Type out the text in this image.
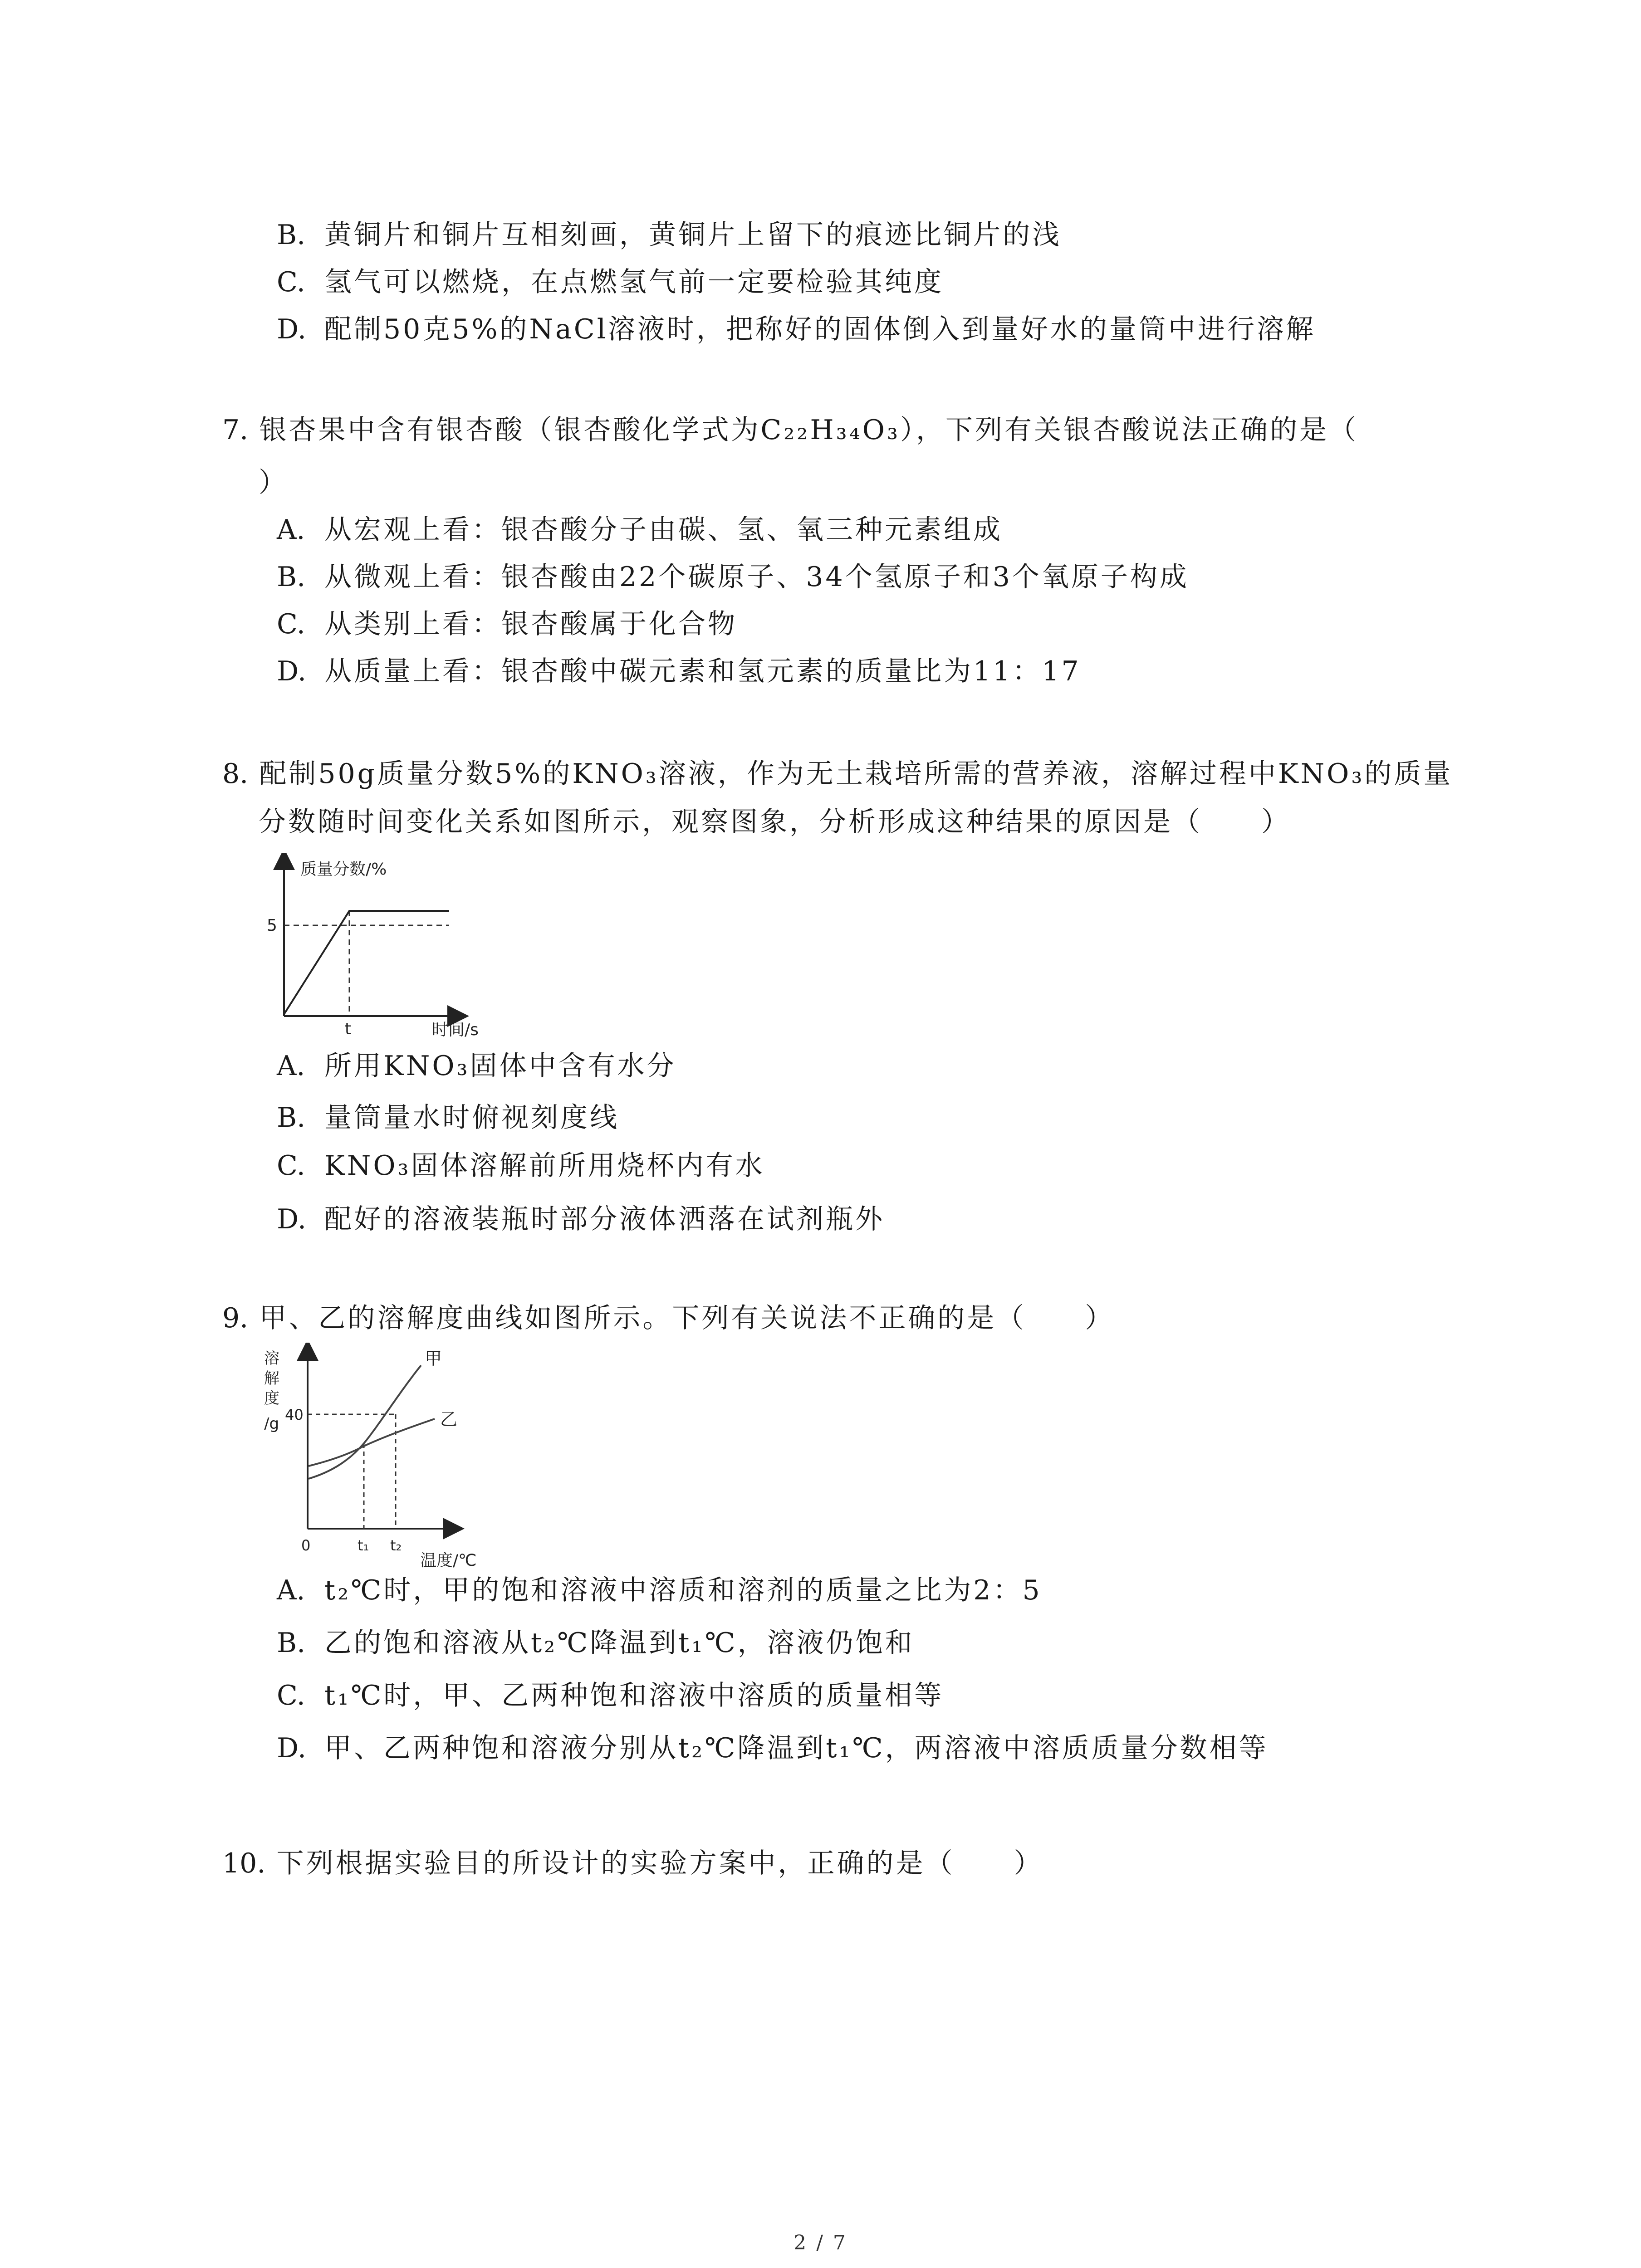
B. 黄铜片和铜片互相刻画，黄铜片上留下的痕迹比铜片的浅
C. 氢气可以燃烧，在点燃氢气前一定要检验其纯度
D. 配制50克5%的NaCl溶液时，把称好的固体倒入到量好水的量筒中进行溶解
7. 银杏果中含有银杏酸（银杏酸化学式为C₂₂H₃₄O₃），下列有关银杏酸说法正确的是（
）
A. 从宏观上看：银杏酸分子由碳、氢、氧三种元素组成
B. 从微观上看：银杏酸由22个碳原子、34个氢原子和3个氧原子构成
C. 从类别上看：银杏酸属于化合物
D. 从质量上看：银杏酸中碳元素和氢元素的质量比为11：17
8. 配制50g质量分数5%的KNO₃溶液，作为无土栽培所需的营养液，溶解过程中KNO₃的质量
分数随时间变化关系如图所示，观察图象，分析形成这种结果的原因是（　　）
质量分数/%
时间/s
5
t
A. 所用KNO₃固体中含有水分
B. 量筒量水时俯视刻度线
C. KNO₃固体溶解前所用烧杯内有水
D. 配好的溶液装瓶时部分液体洒落在试剂瓶外
9. 甲、乙的溶解度曲线如图所示。下列有关说法不正确的是（　　）
溶
解
度
/g 40
0	t₁ t₂
温度/℃
甲
乙
A. t₂℃时，甲的饱和溶液中溶质和溶剂的质量之比为2：5
B. 乙的饱和溶液从t₂℃降温到t₁℃，溶液仍饱和
C. t₁℃时，甲、乙两种饱和溶液中溶质的质量相等
D. 甲、乙两种饱和溶液分别从t₂℃降温到t₁℃，两溶液中溶质质量分数相等
10. 下列根据实验目的所设计的实验方案中，正确的是（　　）
2 / 7
